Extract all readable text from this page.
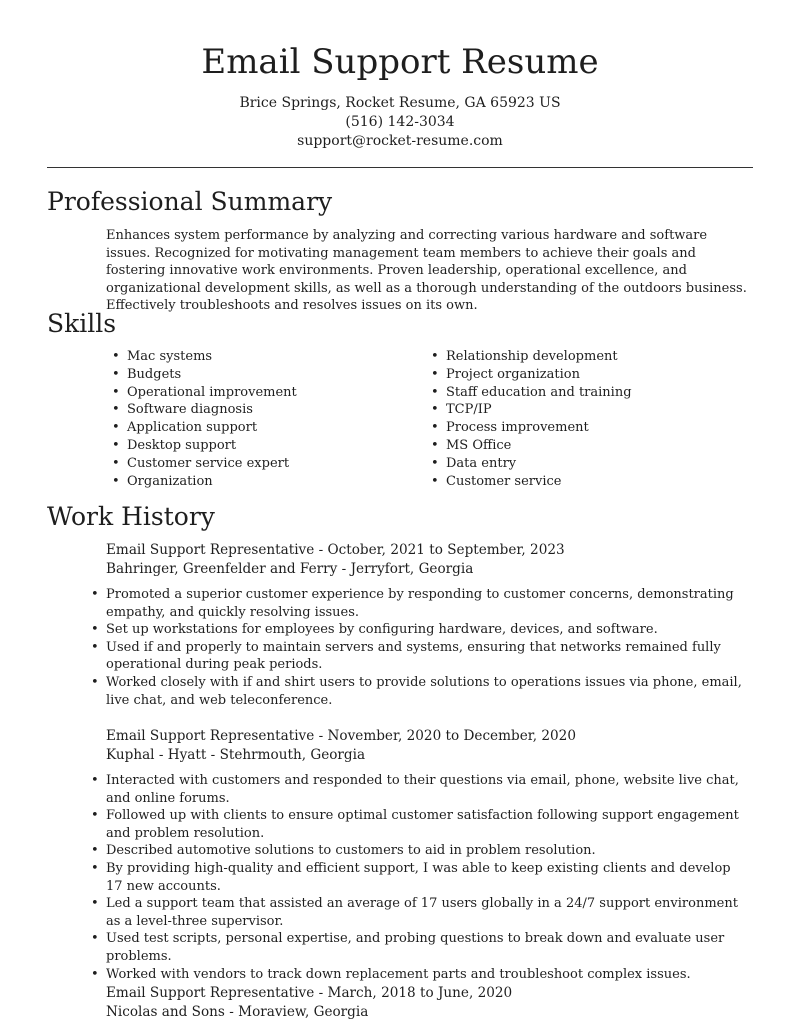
Email Support Resume
Brice Springs, Rocket Resume, GA 65923 US
(516) 142-3034
support@rocket-resume.com
Professional Summary

Enhances system performance by analyzing and correcting various hardware and software issues. Recognized for motivating management team members to achieve their goals and fostering innovative work environments. Proven leadership, operational excellence, and organizational development skills, as well as a thorough understanding of the outdoors business. Effectively troubleshoots and resolves issues on its own.

Skills
• Mac systems
• Budgets
• Operational improvement
• Software diagnosis
• Application support
• Desktop support
• Customer service expert
• Organization
• Relationship development
• Project organization
• Staff education and training
• TCP/IP
• Process improvement
• MS Office
• Data entry
• Customer service
Work History
Email Support Representative - October, 2021 to September, 2023
Bahringer, Greenfelder and Ferry - Jerryfort, Georgia
• Promoted a superior customer experience by responding to customer concerns, demonstrating empathy, and quickly resolving issues.
• Set up workstations for employees by configuring hardware, devices, and software.
• Used if and properly to maintain servers and systems, ensuring that networks remained fully operational during peak periods.
• Worked closely with if and shirt users to provide solutions to operations issues via phone, email, live chat, and web teleconference.
Email Support Representative - November, 2020 to December, 2020
Kuphal - Hyatt - Stehrmouth, Georgia
• Interacted with customers and responded to their questions via email, phone, website live chat, and online forums.
• Followed up with clients to ensure optimal customer satisfaction following support engagement and problem resolution.
• Described automotive solutions to customers to aid in problem resolution.
• By providing high-quality and efficient support, I was able to keep existing clients and develop 17 new accounts.
• Led a support team that assisted an average of 17 users globally in a 24/7 support environment as a level-three supervisor.
• Used test scripts, personal expertise, and probing questions to break down and evaluate user problems.
• Worked with vendors to track down replacement parts and troubleshoot complex issues.
Email Support Representative - March, 2018 to June, 2020
Nicolas and Sons - Moraview, Georgia
